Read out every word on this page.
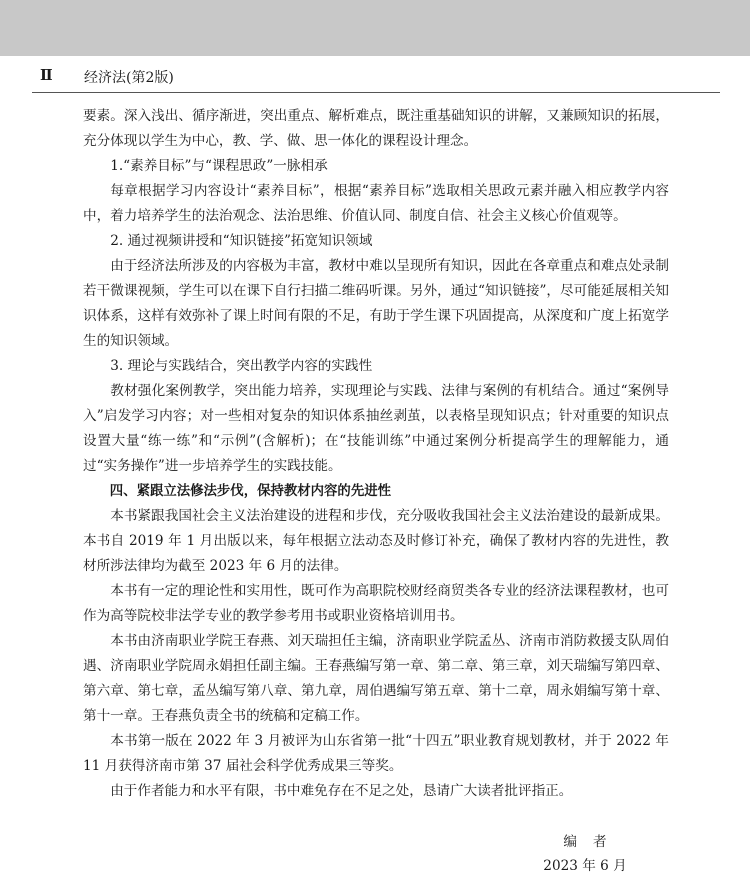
Ⅱ 经济法(第2版)

要素。深入浅出、循序渐进，突出重点、解析难点，既注重基础知识的讲解，又兼顾知识的拓展，充分体现以学生为中心，教、学、做、思一体化的课程设计理念。

1.“素养目标”与“课程思政”一脉相承

每章根据学习内容设计“素养目标”，根据“素养目标”选取相关思政元素并融入相应教学内容中，着力培养学生的法治观念、法治思维、价值认同、制度自信、社会主义核心价值观等。

2. 通过视频讲授和“知识链接”拓宽知识领域

由于经济法所涉及的内容极为丰富，教材中难以呈现所有知识，因此在各章重点和难点处录制若干微课视频，学生可以在课下自行扫描二维码听课。另外，通过“知识链接”，尽可能延展相关知识体系，这样有效弥补了课上时间有限的不足，有助于学生课下巩固提高，从深度和广度上拓宽学生的知识领域。

3. 理论与实践结合，突出教学内容的实践性

教材强化案例教学，突出能力培养，实现理论与实践、法律与案例的有机结合。通过“案例导入”启发学习内容；对一些相对复杂的知识体系抽丝剥茧，以表格呈现知识点；针对重要的知识点设置大量“练一练”和“示例”(含解析)；在“技能训练”中通过案例分析提高学生的理解能力，通过“实务操作”进一步培养学生的实践技能。

四、紧跟立法修法步伐，保持教材内容的先进性

本书紧跟我国社会主义法治建设的进程和步伐，充分吸收我国社会主义法治建设的最新成果。本书自 2019 年 1 月出版以来，每年根据立法动态及时修订补充，确保了教材内容的先进性，教材所涉法律均为截至 2023 年 6 月的法律。

本书有一定的理论性和实用性，既可作为高职院校财经商贸类各专业的经济法课程教材，也可作为高等院校非法学专业的教学参考用书或职业资格培训用书。

本书由济南职业学院王春燕、刘天瑞担任主编，济南职业学院孟丛、济南市消防救援支队周伯遇、济南职业学院周永娟担任副主编。王春燕编写第一章、第二章、第三章，刘天瑞编写第四章、第六章、第七章，孟丛编写第八章、第九章，周伯遇编写第五章、第十二章，周永娟编写第十章、第十一章。王春燕负责全书的统稿和定稿工作。

本书第一版在 2022 年 3 月被评为山东省第一批“十四五”职业教育规划教材，并于 2022 年 11 月获得济南市第 37 届社会科学优秀成果三等奖。

由于作者能力和水平有限，书中难免存在不足之处，恳请广大读者批评指正。

编者
2023 年 6 月
